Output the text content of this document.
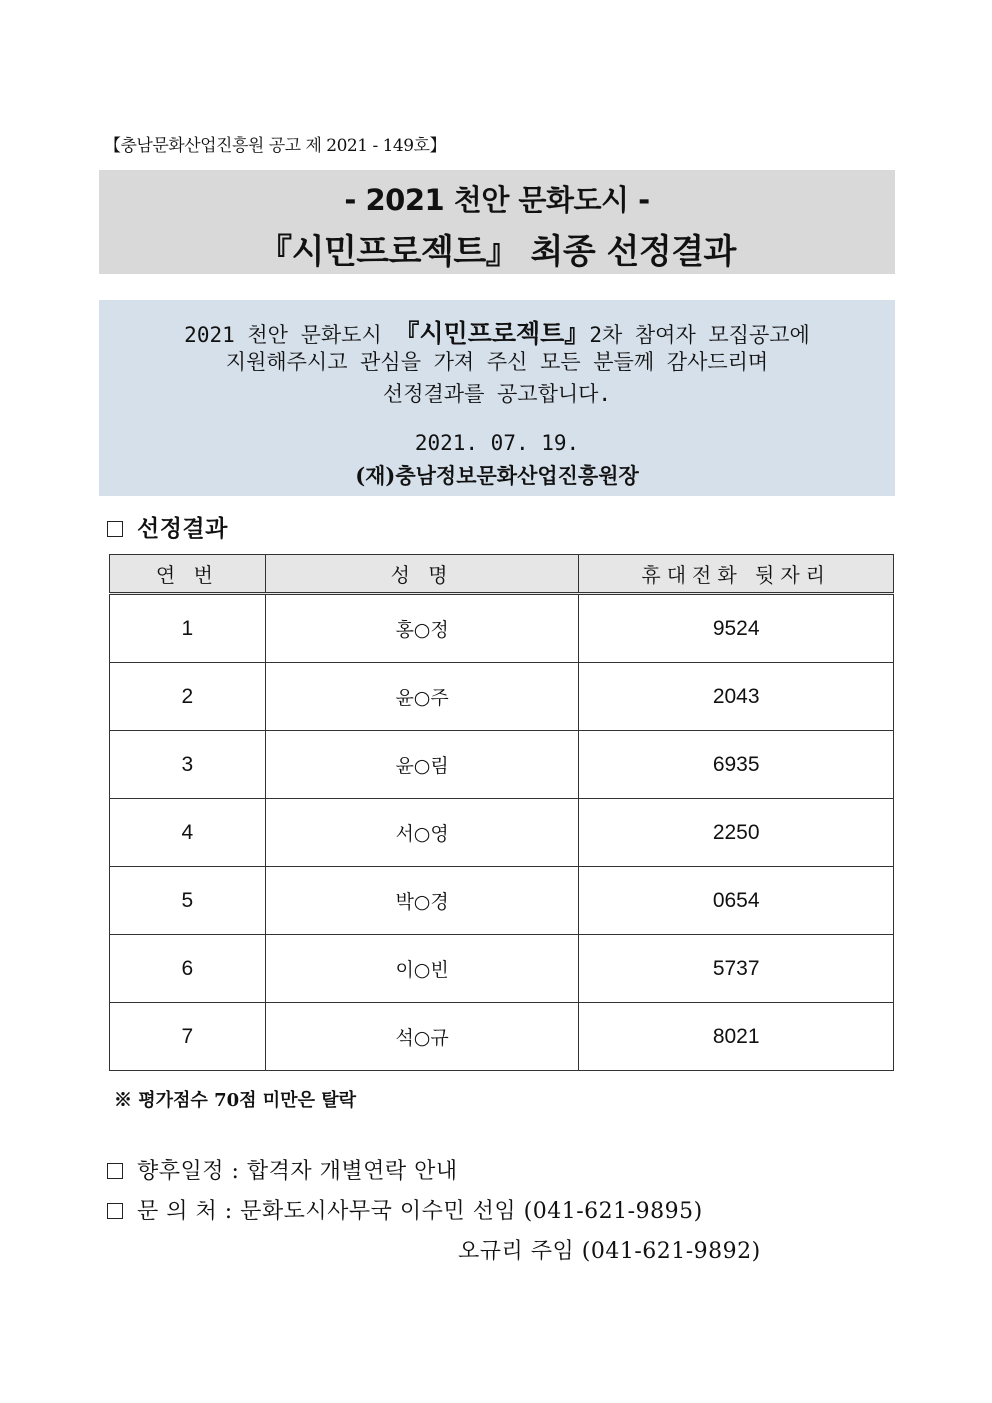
【충남문화산업진흥원 공고 제 2021 - 149호】
- 2021 천안 문화도시 -
『시민프로젝트』 최종 선정결과
2021 천안 문화도시 『시민프로젝트』2차 참여자 모집공고에
지원해주시고 관심을 가져 주신 모든 분들께 감사드리며
선정결과를 공고합니다.
2021. 07. 19.
(재)충남정보문화산업진흥원장
선정결과
연 번	성 명	휴대전화 뒷자리
1	홍○정	9524
2	윤○주	2043
3	윤○림	6935
4	서○영	2250
5	박○경	0654
6	이○빈	5737
7	석○규	8021
※ 평가점수 70점 미만은 탈락
향후일정 : 합격자 개별연락 안내
문 의 처 : 문화도시사무국 이수민 선임 (041-621-9895)
오규리 주임 (041-621-9892)
